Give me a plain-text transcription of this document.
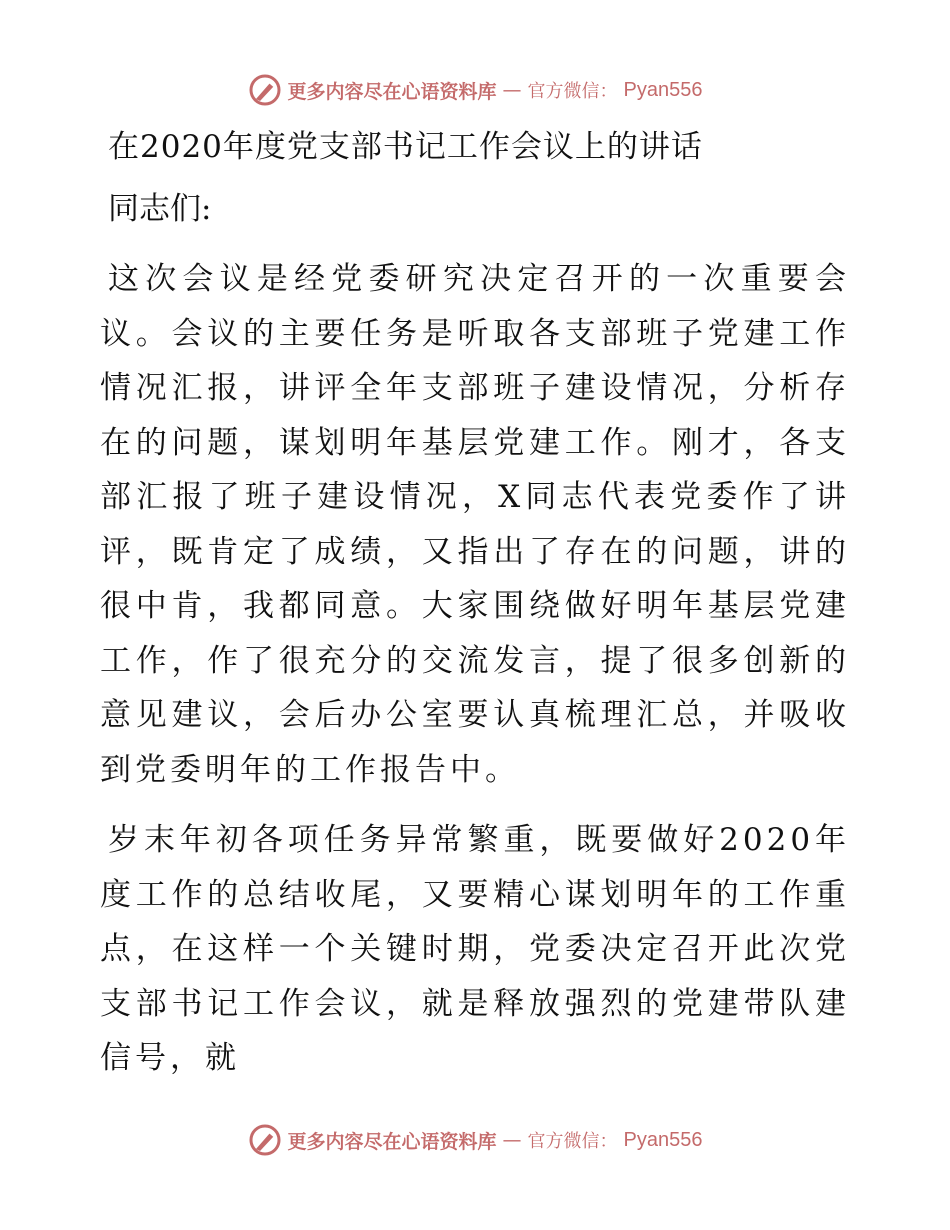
更多内容尽在心语资料库 — 官方微信： Pyan556
在2020年度党支部书记工作会议上的讲话
同志们:
这次会议是经党委研究决定召开的一次重要会议。会议的主要任务是听取各支部班子党建工作情况汇报，讲评全年支部班子建设情况，分析存在的问题，谋划明年基层党建工作。刚才，各支部汇报了班子建设情况，X同志代表党委作了讲评，既肯定了成绩，又指出了存在的问题，讲的很中肯，我都同意。大家围绕做好明年基层党建工作，作了很充分的交流发言，提了很多创新的意见建议，会后办公室要认真梳理汇总，并吸收到党委明年的工作报告中。
岁末年初各项任务异常繁重，既要做好2020年度工作的总结收尾，又要精心谋划明年的工作重点，在这样一个关键时期，党委决定召开此次党支部书记工作会议，就是释放强烈的党建带队建信号，就
更多内容尽在心语资料库 — 官方微信： Pyan556
